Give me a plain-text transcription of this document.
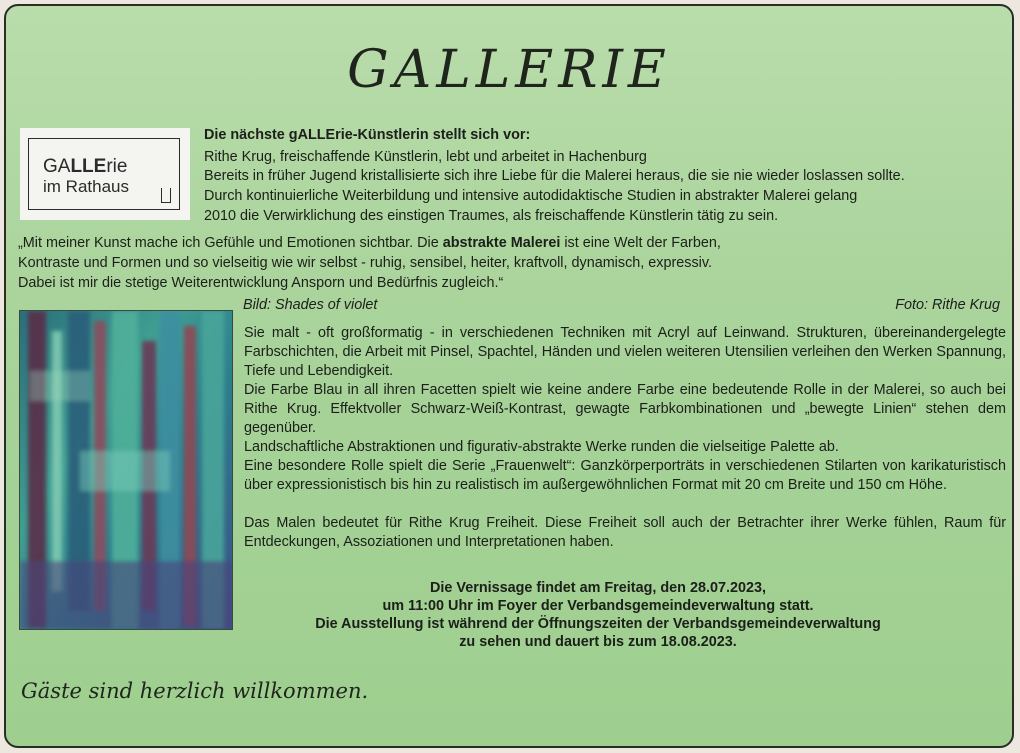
GALLERIE
GALLErie
im Rathaus
Die nächste gALLErie-Künstlerin stellt sich vor:
Rithe Krug, freischaffende Künstlerin, lebt und arbeitet in Hachenburg
Bereits in früher Jugend kristallisierte sich ihre Liebe für die Malerei heraus, die sie nie wieder loslassen sollte.
Durch kontinuierliche Weiterbildung und intensive autodidaktische Studien in abstrakter Malerei gelang
2010 die Verwirklichung des einstigen Traumes, als freischaffende Künstlerin tätig zu sein.
„Mit meiner Kunst mache ich Gefühle und Emotionen sichtbar. Die abstrakte Malerei ist eine Welt der Farben,
Kontraste und Formen und so vielseitig wie wir selbst - ruhig, sensibel, heiter, kraftvoll, dynamisch, expressiv.
Dabei ist mir die stetige Weiterentwicklung Ansporn und Bedürfnis zugleich.“
Bild: Shades of violet	Foto: Rithe Krug
Sie malt - oft großformatig - in verschiedenen Techniken mit Acryl auf Leinwand. Strukturen, übereinandergelegte Farbschichten, die Arbeit mit Pinsel, Spachtel, Händen und vielen weiteren Utensilien verleihen den Werken Spannung, Tiefe und Lebendigkeit.
Die Farbe Blau in all ihren Facetten spielt wie keine andere Farbe eine bedeutende Rolle in der Malerei, so auch bei Rithe Krug. Effektvoller Schwarz-Weiß-Kontrast, gewagte Farbkombinationen und „bewegte Linien“ stehen dem gegenüber.
Landschaftliche Abstraktionen und figurativ-abstrakte Werke runden die vielseitige Palette ab.
Eine besondere Rolle spielt die Serie „Frauenwelt“: Ganzkörperporträts in verschiedenen Stilarten von karikaturistisch über expressionistisch bis hin zu realistisch im außergewöhnlichen Format mit 20 cm Breite und 150 cm Höhe.
Das Malen bedeutet für Rithe Krug Freiheit. Diese Freiheit soll auch der Betrachter ihrer Werke fühlen, Raum für Entdeckungen, Assoziationen und Interpretationen haben.
Die Vernissage findet am Freitag, den 28.07.2023,
um 11:00 Uhr im Foyer der Verbandsgemeindeverwaltung statt.
Die Ausstellung ist während der Öffnungszeiten der Verbandsgemeindeverwaltung
zu sehen und dauert bis zum 18.08.2023.
Gäste sind herzlich willkommen.
